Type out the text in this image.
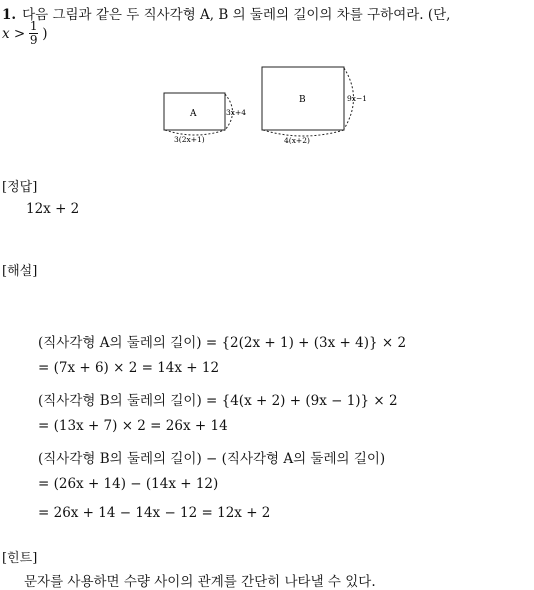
1. 다음 그림과 같은 두 직사각형 A, B 의 둘레의 길이의 차를 구하여라. (단,
$x > \frac{1}{9}$ )
A	3x+4
3(2x+1)
B	9x−1
4(x+2)
[정답]
12x + 2
[해설]
(직사각형 A의 둘레의 길이) = {2(2x + 1) + (3x + 4)} × 2
= (7x + 6) × 2 = 14x + 12
(직사각형 B의 둘레의 길이) = {4(x + 2) + (9x − 1)} × 2
= (13x + 7) × 2 = 26x + 14
(직사각형 B의 둘레의 길이) − (직사각형 A의 둘레의 길이)
= (26x + 14) − (14x + 12)
= 26x + 14 − 14x − 12 = 12x + 2
[힌트]
문자를 사용하면 수량 사이의 관계를 간단히 나타낼 수 있다.
